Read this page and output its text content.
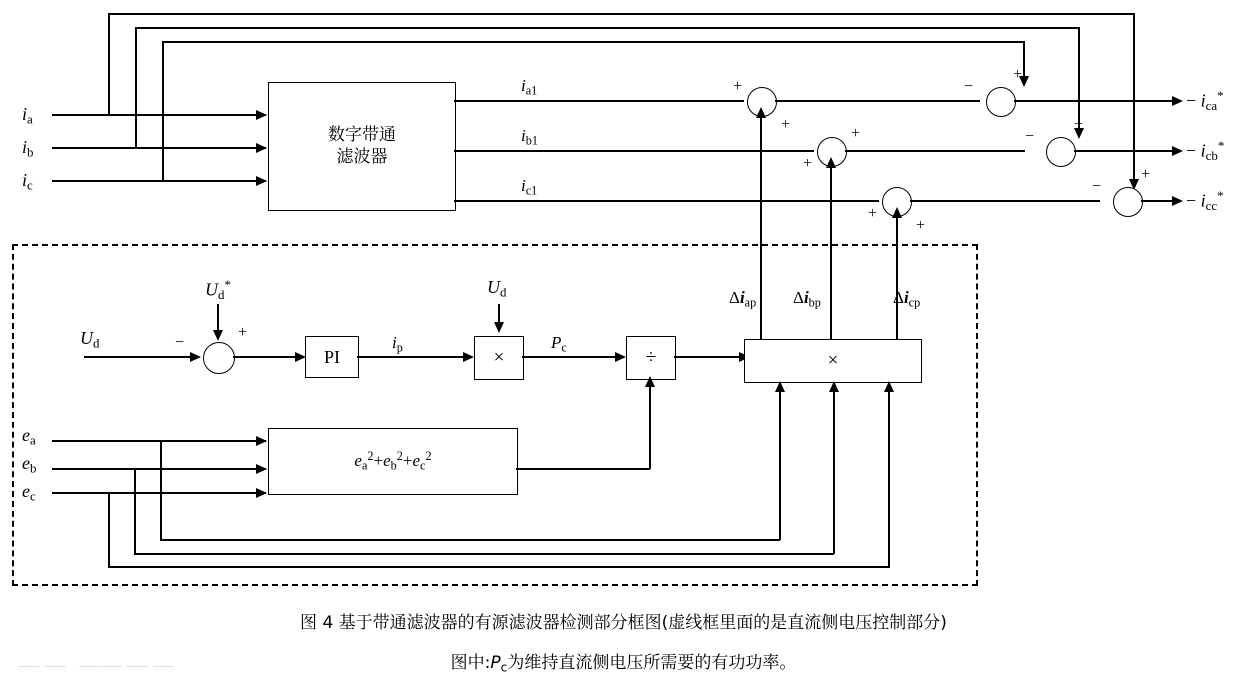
数字带通
滤波器
$i_a$
$i_b$
$i_c$
$i_{a1}$
$i_{b1}$
$i_{c1}$
+
+
+
+
+
+
−
+
−
+
−
+
− $i_{ca}^*$
− $i_{cb}^*$
− $i_{cc}^*$
$\Delta i_{ap}$ $\Delta i_{bp}$	$\Delta i_{cp}$
$U_d$	−
+
$U_d^*$
PI
$i_p$	×
$U_d$
$P_c$	÷	×
$e_a$
$e_b$
$e_c$
$e_a^2+e_b^2+e_c^2$
图 4 基于带通滤波器的有源滤波器检测部分框图(虚线框里面的是直流侧电压控制部分)
图中$:P_c$为维持直流侧电压所需要的有功功率。
⸺ ⸺   ⸺⸺ ⸺ ⸺
